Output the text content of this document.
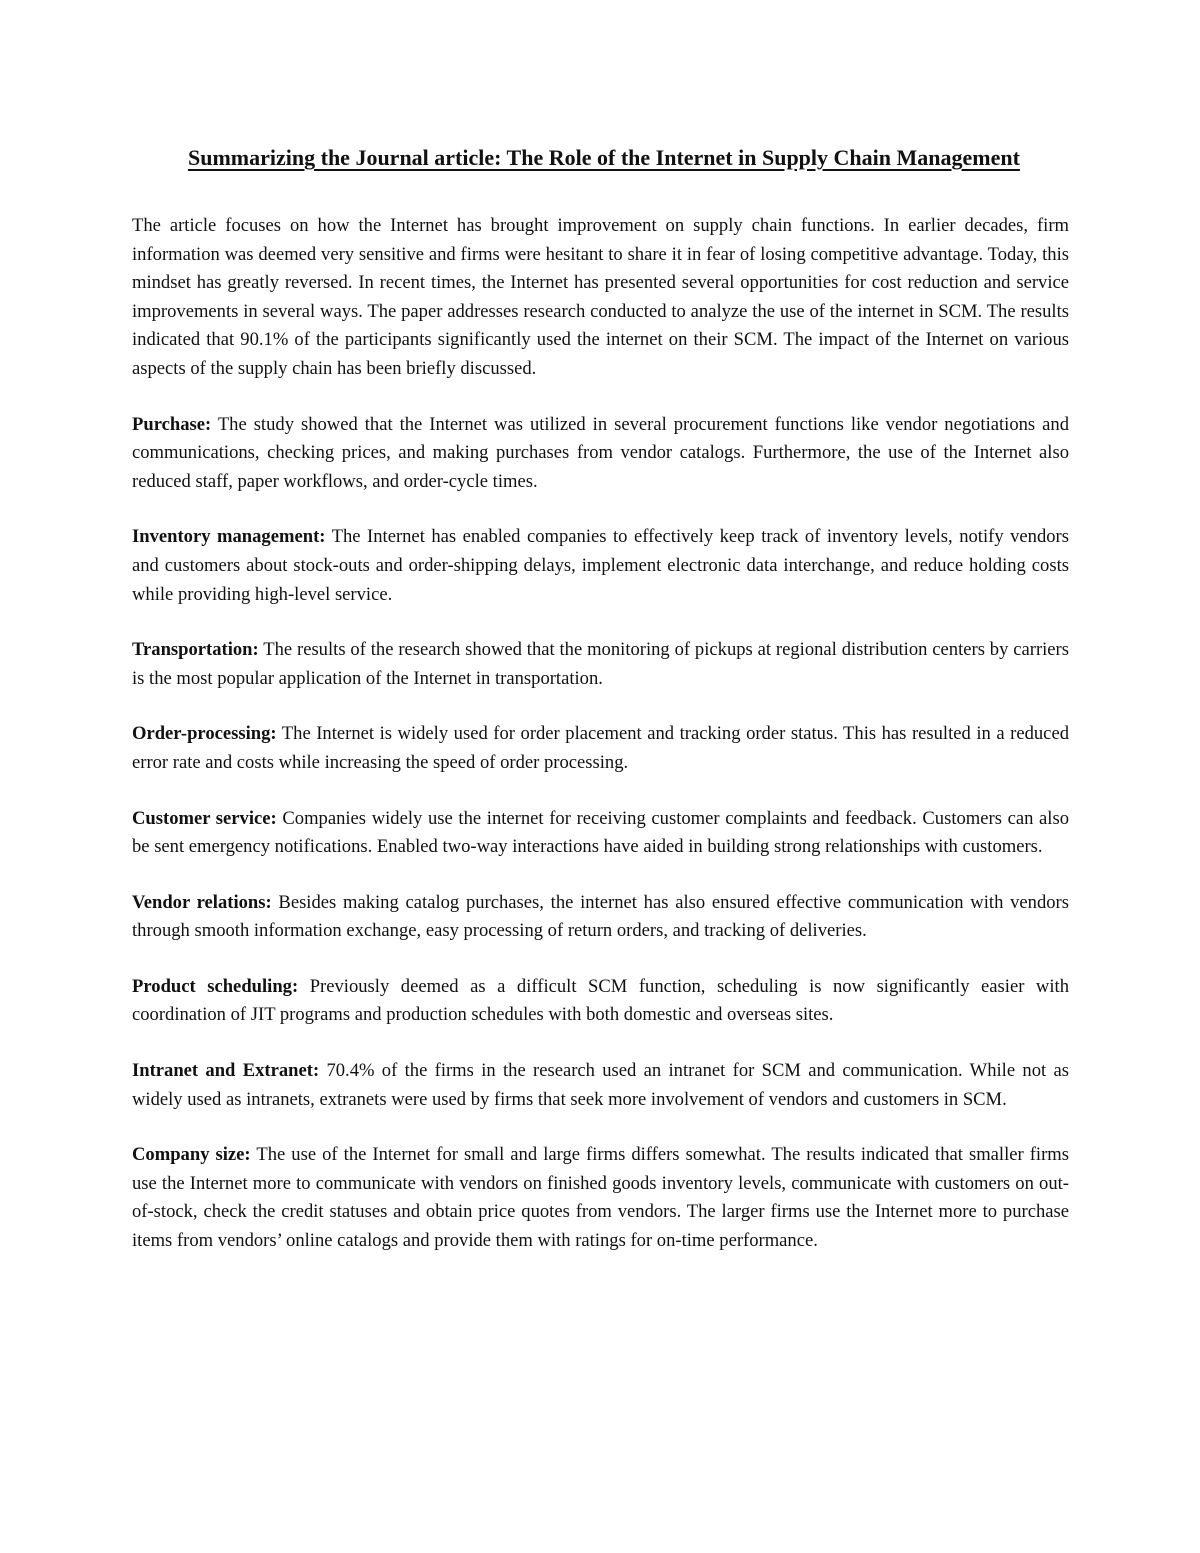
Summarizing the Journal article: The Role of the Internet in Supply Chain Management

The article focuses on how the Internet has brought improvement on supply chain functions. In earlier decades, firm information was deemed very sensitive and firms were hesitant to share it in fear of losing competitive advantage. Today, this mindset has greatly reversed. In recent times, the Internet has presented several opportunities for cost reduction and service improvements in several ways. The paper addresses research conducted to analyze the use of the internet in SCM. The results indicated that 90.1% of the participants significantly used the internet on their SCM. The impact of the Internet on various aspects of the supply chain has been briefly discussed.

Purchase: The study showed that the Internet was utilized in several procurement functions like vendor negotiations and communications, checking prices, and making purchases from vendor catalogs. Furthermore, the use of the Internet also reduced staff, paper workflows, and order-cycle times.

Inventory management: The Internet has enabled companies to effectively keep track of inventory levels, notify vendors and customers about stock-outs and order-shipping delays, implement electronic data interchange, and reduce holding costs while providing high-level service.

Transportation: The results of the research showed that the monitoring of pickups at regional distribution centers by carriers is the most popular application of the Internet in transportation.

Order-processing: The Internet is widely used for order placement and tracking order status. This has resulted in a reduced error rate and costs while increasing the speed of order processing.

Customer service: Companies widely use the internet for receiving customer complaints and feedback. Customers can also be sent emergency notifications. Enabled two-way interactions have aided in building strong relationships with customers.

Vendor relations: Besides making catalog purchases, the internet has also ensured effective communication with vendors through smooth information exchange, easy processing of return orders, and tracking of deliveries.

Product scheduling: Previously deemed as a difficult SCM function, scheduling is now significantly easier with coordination of JIT programs and production schedules with both domestic and overseas sites.

Intranet and Extranet: 70.4% of the firms in the research used an intranet for SCM and communication. While not as widely used as intranets, extranets were used by firms that seek more involvement of vendors and customers in SCM.

Company size: The use of the Internet for small and large firms differs somewhat. The results indicated that smaller firms use the Internet more to communicate with vendors on finished goods inventory levels, communicate with customers on out-of-stock, check the credit statuses and obtain price quotes from vendors. The larger firms use the Internet more to purchase items from vendors’ online catalogs and provide them with ratings for on-time performance.
